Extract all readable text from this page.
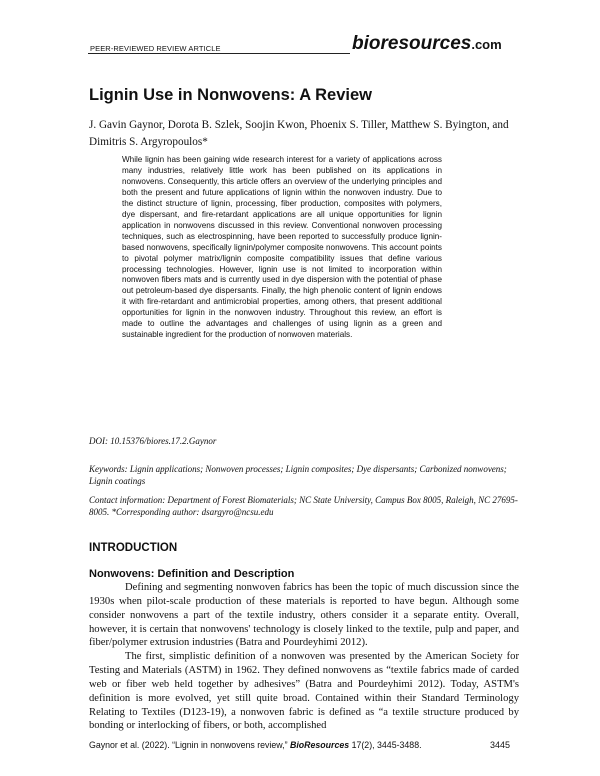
PEER-REVIEWED REVIEW ARTICLE	bioresources.com
Lignin Use in Nonwovens: A Review
J. Gavin Gaynor, Dorota B. Szlek, Soojin Kwon, Phoenix S. Tiller, Matthew S. Byington, and Dimitris S. Argyropoulos*
While lignin has been gaining wide research interest for a variety of applications across many industries, relatively little work has been published on its applications in nonwovens. Consequently, this article offers an overview of the underlying principles and both the present and future applications of lignin within the nonwoven industry. Due to the distinct structure of lignin, processing, fiber production, composites with polymers, dye dispersant, and fire-retardant applications are all unique opportunities for lignin application in nonwovens discussed in this review. Conventional nonwoven processing techniques, such as electrospinning, have been reported to successfully produce lignin-based nonwovens, specifically lignin/polymer composite nonwovens. This account points to pivotal polymer matrix/lignin composite compatibility issues that define various processing technologies. However, lignin use is not limited to incorporation within nonwoven fibers mats and is currently used in dye dispersion with the potential of phase out petroleum-based dye dispersants. Finally, the high phenolic content of lignin endows it with fire-retardant and antimicrobial properties, among others, that present additional opportunities for lignin in the nonwoven industry. Throughout this review, an effort is made to outline the advantages and challenges of using lignin as a green and sustainable ingredient for the production of nonwoven materials.
DOI: 10.15376/biores.17.2.Gaynor
Keywords: Lignin applications; Nonwoven processes; Lignin composites; Dye dispersants; Carbonized nonwovens; Lignin coatings
Contact information: Department of Forest Biomaterials; NC State University, Campus Box 8005, Raleigh, NC 27695-8005. *Corresponding author: dsargyro@ncsu.edu
INTRODUCTION
Nonwovens: Definition and Description

Defining and segmenting nonwoven fabrics has been the topic of much discussion since the 1930s when pilot-scale production of these materials is reported to have begun. Although some consider nonwovens a part of the textile industry, others consider it a separate entity. Overall, however, it is certain that nonwovens' technology is closely linked to the textile, pulp and paper, and fiber/polymer extrusion industries (Batra and Pourdeyhimi 2012).

The first, simplistic definition of a nonwoven was presented by the American Society for Testing and Materials (ASTM) in 1962. They defined nonwovens as “textile fabrics made of carded web or fiber web held together by adhesives” (Batra and Pourdeyhimi 2012). Today, ASTM's definition is more evolved, yet still quite broad. Contained within their Standard Terminology Relating to Textiles (D123-19), a nonwoven fabric is defined as “a textile structure produced by bonding or interlocking of fibers, or both, accomplished

Gaynor et al. (2022). “Lignin in nonwovens review,” BioResources 17(2), 3445-3488.	3445
